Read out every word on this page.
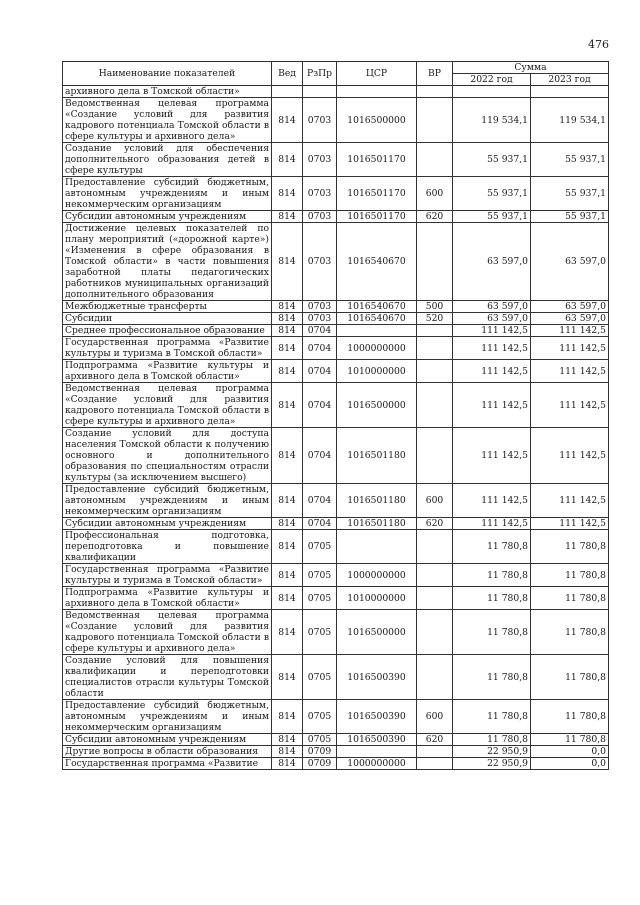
476
Наименование показателей	Вед	РзПр	ЦСР	ВР	Сумма	
					2022 год	2023 год
архивного дела в Томской области»						
Ведомственная целевая программа «Создание условий для развития кадрового потенциала Томской области в сфере культуры и архивного дела»	814	0703	1016500000		119 534,1	119 534,1
Создание условий для обеспечения дополнительного образования детей в сфере культуры	814	0703	1016501170		55 937,1	55 937,1
Предоставление субсидий бюджетным, автономным учреждениям и иным некоммерческим организациям	814	0703	1016501170	600	55 937,1	55 937,1
Субсидии автономным учреждениям	814	0703	1016501170	620	55 937,1	55 937,1
Достижение целевых показателей по плану мероприятий («дорожной карте») «Изменения в сфере образования в Томской области» в части повышения заработной платы педагогических работников муниципальных организаций дополнительного образования	814	0703	1016540670		63 597,0	63 597,0
Межбюджетные трансферты	814	0703	1016540670	500	63 597,0	63 597,0
Субсидии	814	0703	1016540670	520	63 597,0	63 597,0
Среднее профессиональное образование	814	0704			111 142,5	111 142,5
Государственная программа «Развитие культуры и туризма в Томской области»	814	0704	1000000000		111 142,5	111 142,5
Подпрограмма «Развитие культуры и архивного дела в Томской области»	814	0704	1010000000		111 142,5	111 142,5
Ведомственная целевая программа «Создание условий для развития кадрового потенциала Томской области в сфере культуры и архивного дела»	814	0704	1016500000		111 142,5	111 142,5
Создание условий для доступа населения Томской области к получению основного и дополнительного образования по специальностям отрасли культуры (за исключением высшего)	814	0704	1016501180		111 142,5	111 142,5
Предоставление субсидий бюджетным, автономным учреждениям и иным некоммерческим организациям	814	0704	1016501180	600	111 142,5	111 142,5
Субсидии автономным учреждениям	814	0704	1016501180	620	111 142,5	111 142,5
Профессиональная подготовка, переподготовка и повышение квалификации	814	0705			11 780,8	11 780,8
Государственная программа «Развитие культуры и туризма в Томской области»	814	0705	1000000000		11 780,8	11 780,8
Подпрограмма «Развитие культуры и архивного дела в Томской области»	814	0705	1010000000		11 780,8	11 780,8
Ведомственная целевая программа «Создание условий для развития кадрового потенциала Томской области в сфере культуры и архивного дела»	814	0705	1016500000		11 780,8	11 780,8
Создание условий для повышения квалификации и переподготовки специалистов отрасли культуры Томской области	814	0705	1016500390		11 780,8	11 780,8
Предоставление субсидий бюджетным, автономным учреждениям и иным некоммерческим организациям	814	0705	1016500390	600	11 780,8	11 780,8
Субсидии автономным учреждениям	814	0705	1016500390	620	11 780,8	11 780,8
Другие вопросы в области образования	814	0709			22 950,9	0,0
Государственная программа «Развитие	814	0709	1000000000		22 950,9	0,0
